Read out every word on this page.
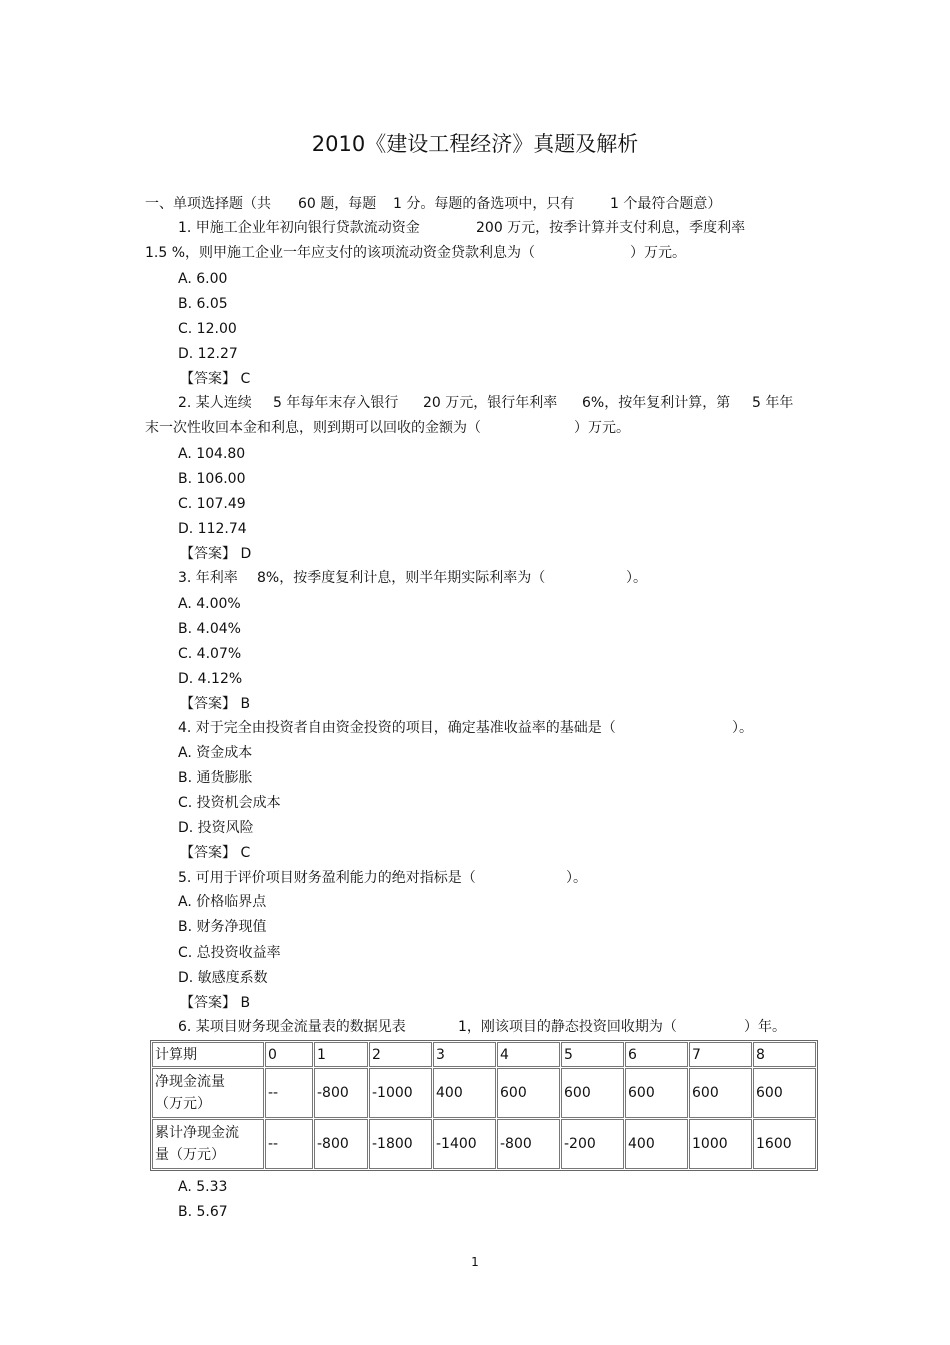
2010《建设工程经济》真题及解析
一、单项选择题（共 60 题，每题 1 分。每题的备选项中，只有	1 个最符合题意）
1. 甲施工企业年初向银行贷款流动资金	200 万元，按季计算并支付利息，季度利率
1.5 %，则甲施工企业一年应支付的该项流动资金贷款利息为（	）万元。
A. 6.00
B. 6.05
C. 12.00
D. 12.27
【答案】 C
2. 某人连续 5 年每年末存入银行 20 万元，银行年利率 6%，按年复利计算，第 5 年年
末一次性收回本金和利息，则到期可以回收的金额为（	）万元。
A. 104.80
B. 106.00
C. 107.49
D. 112.74
【答案】 D
3. 年利率 8%，按季度复利计息，则半年期实际利率为（	）。
A. 4.00%
B. 4.04%
C. 4.07%
D. 4.12%
【答案】 B
4. 对于完全由投资者自由资金投资的项目，确定基准收益率的基础是（	）。
A. 资金成本
B. 通货膨胀
C. 投资机会成本
D. 投资风险
【答案】 C
5. 可用于评价项目财务盈利能力的绝对指标是（	）。
A. 价格临界点
B. 财务净现值
C. 总投资收益率
D. 敏感度系数
【答案】 B
6. 某项目财务现金流量表的数据见表	1，刚该项目的静态投资回收期为（	）年。
计算期	0	1	2	3	4	5	6	7	8
净现金流量
（万元）	--	-800	-1000	400	600	600	600	600	600
累计净现金流
量（万元）	--	-800	-1800	-1400	-800	-200	400	1000	1600
A. 5.33
B. 5.67
1
